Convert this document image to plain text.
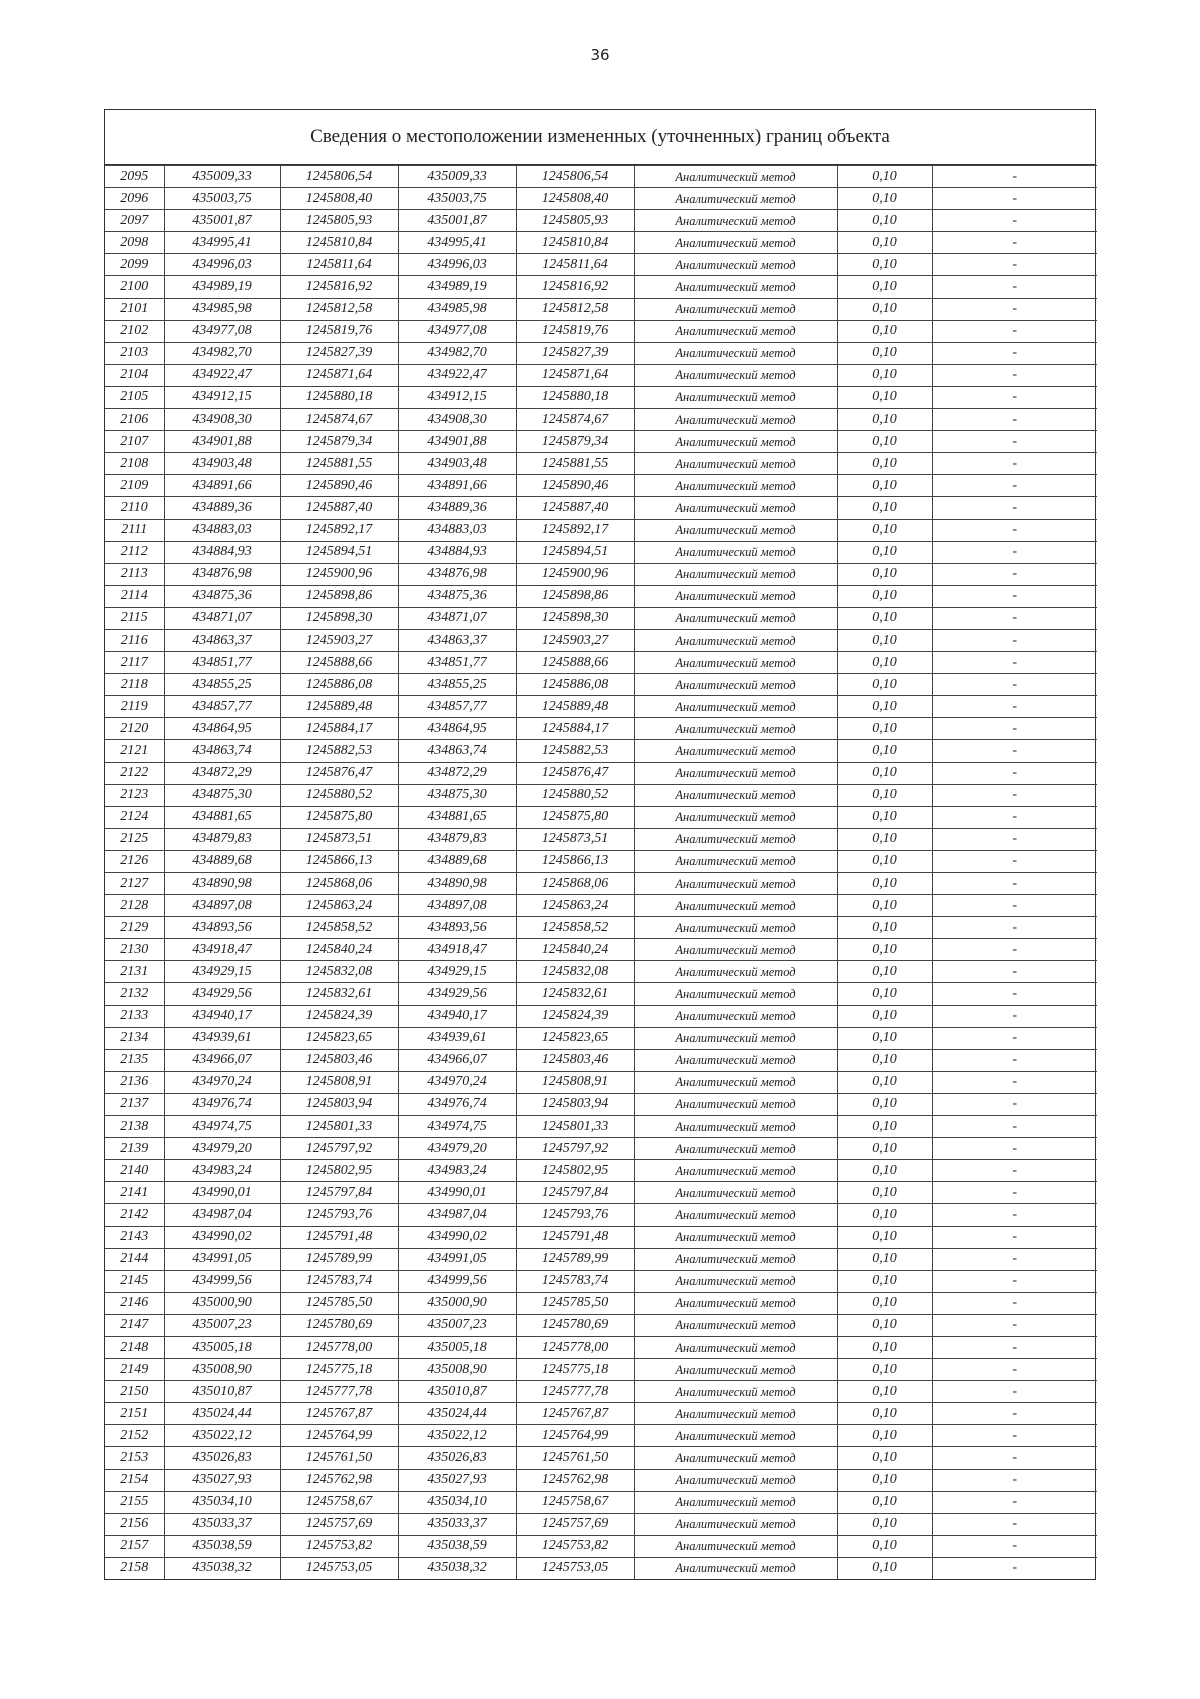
36
Сведения о местоположении измененных (уточненных) границ объекта
2095	435009,33	1245806,54	435009,33	1245806,54	Аналитический метод	0,10	-
2096	435003,75	1245808,40	435003,75	1245808,40	Аналитический метод	0,10	-
2097	435001,87	1245805,93	435001,87	1245805,93	Аналитический метод	0,10	-
2098	434995,41	1245810,84	434995,41	1245810,84	Аналитический метод	0,10	-
2099	434996,03	1245811,64	434996,03	1245811,64	Аналитический метод	0,10	-
2100	434989,19	1245816,92	434989,19	1245816,92	Аналитический метод	0,10	-
2101	434985,98	1245812,58	434985,98	1245812,58	Аналитический метод	0,10	-
2102	434977,08	1245819,76	434977,08	1245819,76	Аналитический метод	0,10	-
2103	434982,70	1245827,39	434982,70	1245827,39	Аналитический метод	0,10	-
2104	434922,47	1245871,64	434922,47	1245871,64	Аналитический метод	0,10	-
2105	434912,15	1245880,18	434912,15	1245880,18	Аналитический метод	0,10	-
2106	434908,30	1245874,67	434908,30	1245874,67	Аналитический метод	0,10	-
2107	434901,88	1245879,34	434901,88	1245879,34	Аналитический метод	0,10	-
2108	434903,48	1245881,55	434903,48	1245881,55	Аналитический метод	0,10	-
2109	434891,66	1245890,46	434891,66	1245890,46	Аналитический метод	0,10	-
2110	434889,36	1245887,40	434889,36	1245887,40	Аналитический метод	0,10	-
2111	434883,03	1245892,17	434883,03	1245892,17	Аналитический метод	0,10	-
2112	434884,93	1245894,51	434884,93	1245894,51	Аналитический метод	0,10	-
2113	434876,98	1245900,96	434876,98	1245900,96	Аналитический метод	0,10	-
2114	434875,36	1245898,86	434875,36	1245898,86	Аналитический метод	0,10	-
2115	434871,07	1245898,30	434871,07	1245898,30	Аналитический метод	0,10	-
2116	434863,37	1245903,27	434863,37	1245903,27	Аналитический метод	0,10	-
2117	434851,77	1245888,66	434851,77	1245888,66	Аналитический метод	0,10	-
2118	434855,25	1245886,08	434855,25	1245886,08	Аналитический метод	0,10	-
2119	434857,77	1245889,48	434857,77	1245889,48	Аналитический метод	0,10	-
2120	434864,95	1245884,17	434864,95	1245884,17	Аналитический метод	0,10	-
2121	434863,74	1245882,53	434863,74	1245882,53	Аналитический метод	0,10	-
2122	434872,29	1245876,47	434872,29	1245876,47	Аналитический метод	0,10	-
2123	434875,30	1245880,52	434875,30	1245880,52	Аналитический метод	0,10	-
2124	434881,65	1245875,80	434881,65	1245875,80	Аналитический метод	0,10	-
2125	434879,83	1245873,51	434879,83	1245873,51	Аналитический метод	0,10	-
2126	434889,68	1245866,13	434889,68	1245866,13	Аналитический метод	0,10	-
2127	434890,98	1245868,06	434890,98	1245868,06	Аналитический метод	0,10	-
2128	434897,08	1245863,24	434897,08	1245863,24	Аналитический метод	0,10	-
2129	434893,56	1245858,52	434893,56	1245858,52	Аналитический метод	0,10	-
2130	434918,47	1245840,24	434918,47	1245840,24	Аналитический метод	0,10	-
2131	434929,15	1245832,08	434929,15	1245832,08	Аналитический метод	0,10	-
2132	434929,56	1245832,61	434929,56	1245832,61	Аналитический метод	0,10	-
2133	434940,17	1245824,39	434940,17	1245824,39	Аналитический метод	0,10	-
2134	434939,61	1245823,65	434939,61	1245823,65	Аналитический метод	0,10	-
2135	434966,07	1245803,46	434966,07	1245803,46	Аналитический метод	0,10	-
2136	434970,24	1245808,91	434970,24	1245808,91	Аналитический метод	0,10	-
2137	434976,74	1245803,94	434976,74	1245803,94	Аналитический метод	0,10	-
2138	434974,75	1245801,33	434974,75	1245801,33	Аналитический метод	0,10	-
2139	434979,20	1245797,92	434979,20	1245797,92	Аналитический метод	0,10	-
2140	434983,24	1245802,95	434983,24	1245802,95	Аналитический метод	0,10	-
2141	434990,01	1245797,84	434990,01	1245797,84	Аналитический метод	0,10	-
2142	434987,04	1245793,76	434987,04	1245793,76	Аналитический метод	0,10	-
2143	434990,02	1245791,48	434990,02	1245791,48	Аналитический метод	0,10	-
2144	434991,05	1245789,99	434991,05	1245789,99	Аналитический метод	0,10	-
2145	434999,56	1245783,74	434999,56	1245783,74	Аналитический метод	0,10	-
2146	435000,90	1245785,50	435000,90	1245785,50	Аналитический метод	0,10	-
2147	435007,23	1245780,69	435007,23	1245780,69	Аналитический метод	0,10	-
2148	435005,18	1245778,00	435005,18	1245778,00	Аналитический метод	0,10	-
2149	435008,90	1245775,18	435008,90	1245775,18	Аналитический метод	0,10	-
2150	435010,87	1245777,78	435010,87	1245777,78	Аналитический метод	0,10	-
2151	435024,44	1245767,87	435024,44	1245767,87	Аналитический метод	0,10	-
2152	435022,12	1245764,99	435022,12	1245764,99	Аналитический метод	0,10	-
2153	435026,83	1245761,50	435026,83	1245761,50	Аналитический метод	0,10	-
2154	435027,93	1245762,98	435027,93	1245762,98	Аналитический метод	0,10	-
2155	435034,10	1245758,67	435034,10	1245758,67	Аналитический метод	0,10	-
2156	435033,37	1245757,69	435033,37	1245757,69	Аналитический метод	0,10	-
2157	435038,59	1245753,82	435038,59	1245753,82	Аналитический метод	0,10	-
2158	435038,32	1245753,05	435038,32	1245753,05	Аналитический метод	0,10	-
